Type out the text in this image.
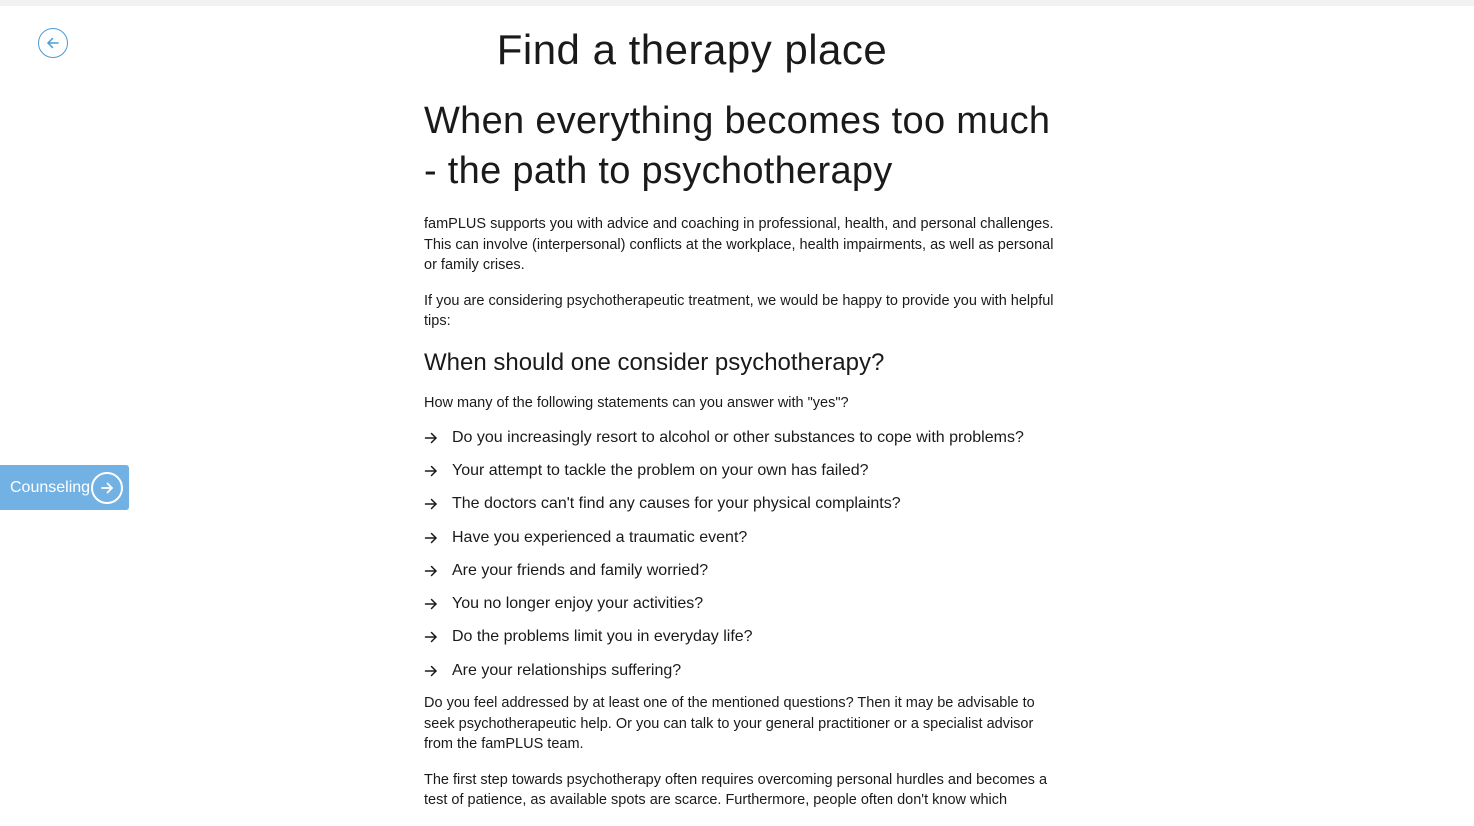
Find a therapy place
When everything becomes too much - the path to psychotherapy

famPLUS supports you with advice and coaching in professional, health, and personal challenges. This can involve (interpersonal) conflicts at the workplace, health impairments, as well as personal or family crises.

If you are considering psychotherapeutic treatment, we would be happy to provide you with helpful tips:

When should one consider psychotherapy?

How many of the following statements can you answer with "yes"?

Do you increasingly resort to alcohol or other substances to cope with problems?
Your attempt to tackle the problem on your own has failed?
The doctors can't find any causes for your physical complaints?
Have you experienced a traumatic event?
Are your friends and family worried?
You no longer enjoy your activities?
Do the problems limit you in everyday life?
Are your relationships suffering?

Do you feel addressed by at least one of the mentioned questions? Then it may be advisable to seek psychotherapeutic help. Or you can talk to your general practitioner or a specialist advisor from the famPLUS team.

The first step towards psychotherapy often requires overcoming personal hurdles and becomes a test of patience, as available spots are scarce. Furthermore, people often don't know which

Counseling
